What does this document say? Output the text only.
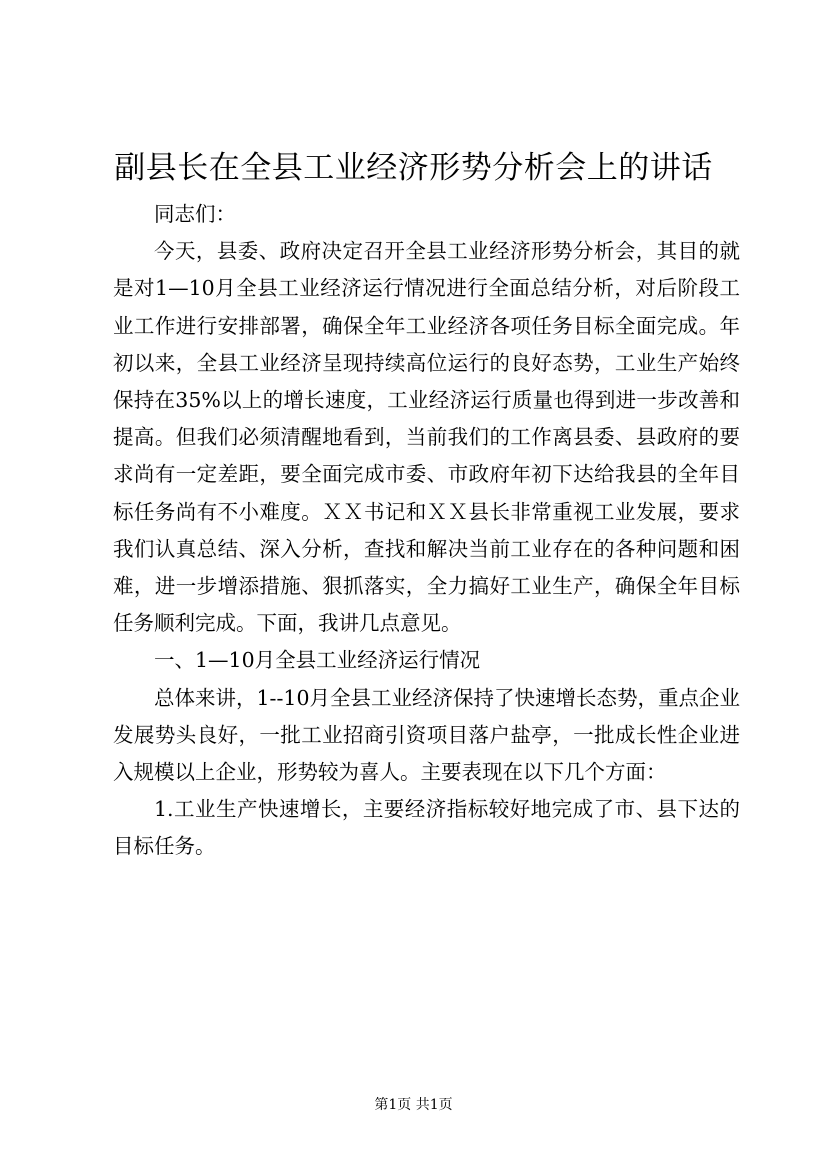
副县长在全县工业经济形势分析会上的讲话

同志们：

今天，县委、政府决定召开全县工业经济形势分析会，其目的就是对1—10月全县工业经济运行情况进行全面总结分析，对后阶段工业工作进行安排部署，确保全年工业经济各项任务目标全面完成。年初以来，全县工业经济呈现持续高位运行的良好态势，工业生产始终保持在35%以上的增长速度，工业经济运行质量也得到进一步改善和提高。但我们必须清醒地看到，当前我们的工作离县委、县政府的要求尚有一定差距，要全面完成市委、市政府年初下达给我县的全年目标任务尚有不小难度。ＸＸ书记和ＸＸ县长非常重视工业发展，要求我们认真总结、深入分析，查找和解决当前工业存在的各种问题和困难，进一步增添措施、狠抓落实，全力搞好工业生产，确保全年目标任务顺利完成。下面，我讲几点意见。

一、1—10月全县工业经济运行情况

总体来讲，1--10月全县工业经济保持了快速增长态势，重点企业发展势头良好，一批工业招商引资项目落户盐亭，一批成长性企业进入规模以上企业，形势较为喜人。主要表现在以下几个方面：

1.工业生产快速增长，主要经济指标较好地完成了市、县下达的目标任务。

第1页 共1页
